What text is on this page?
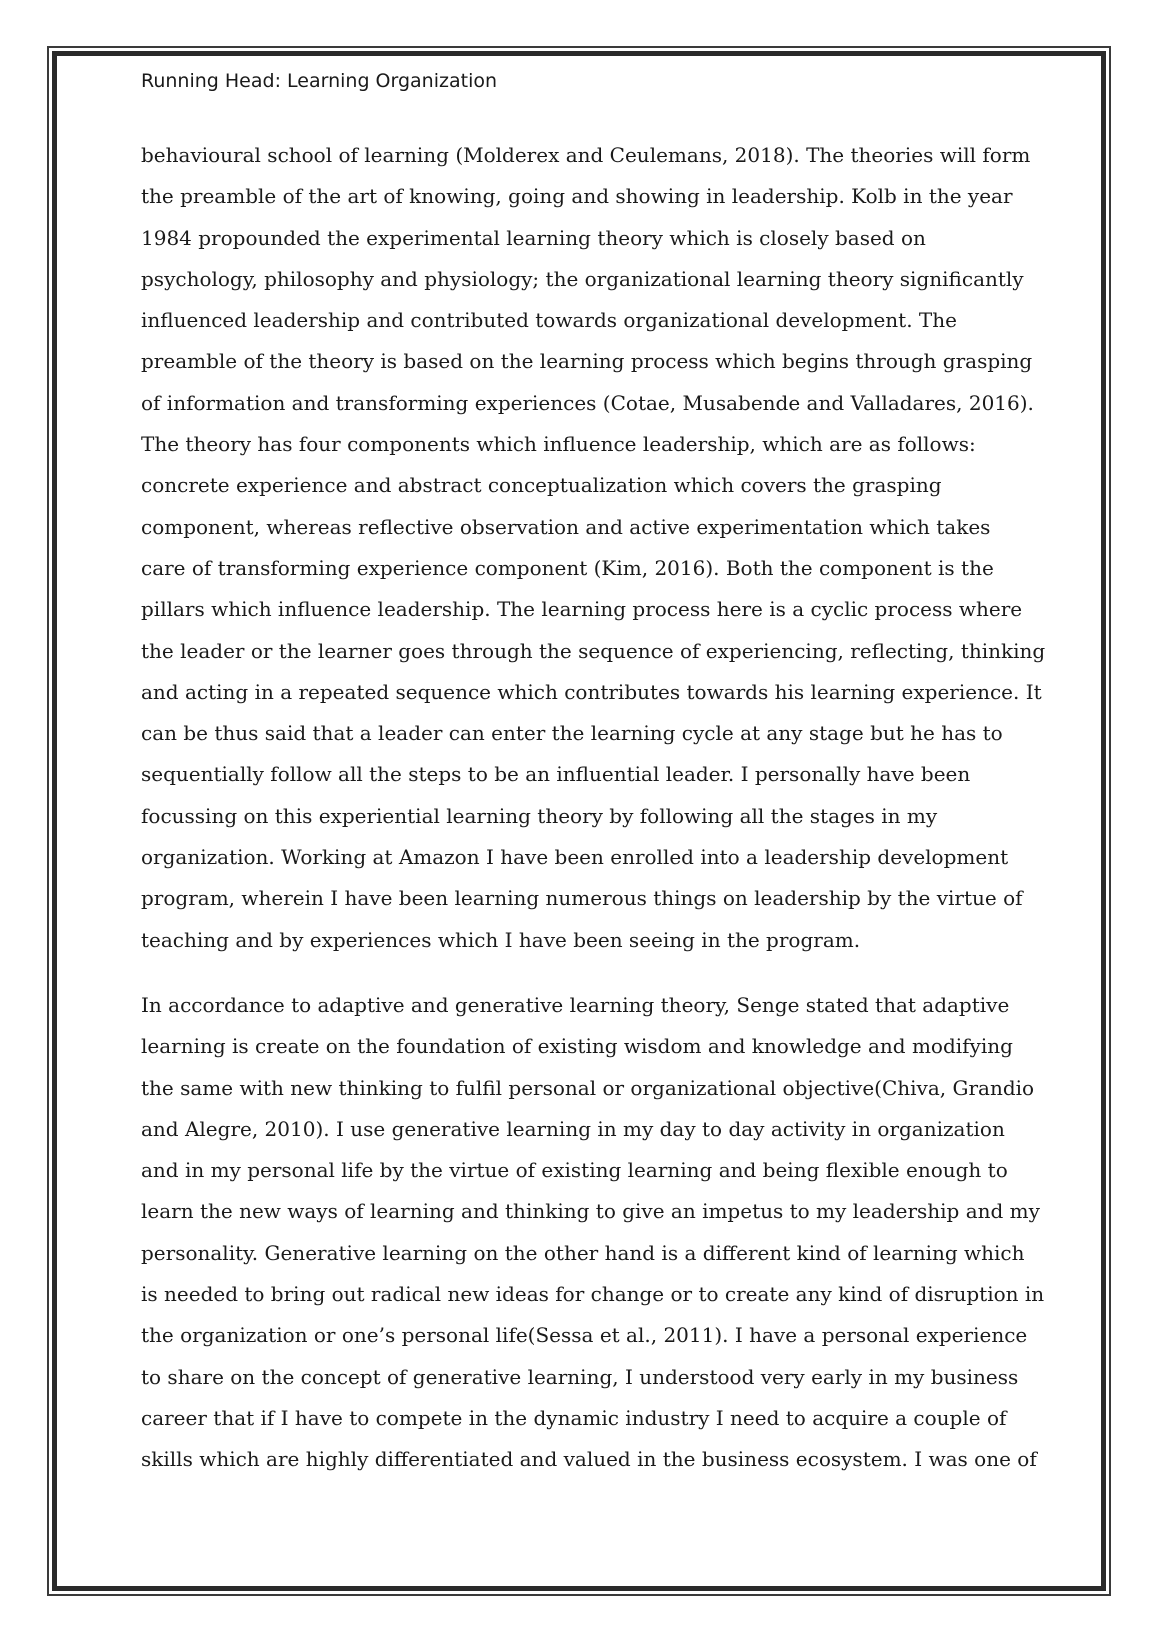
Running Head: Learning Organization
behavioural school of learning (Molderex and Ceulemans, 2018). The theories will form
the preamble of the art of knowing, going and showing in leadership. Kolb in the year
1984 propounded the experimental learning theory which is closely based on
psychology, philosophy and physiology; the organizational learning theory significantly
influenced leadership and contributed towards organizational development. The
preamble of the theory is based on the learning process which begins through grasping
of information and transforming experiences (Cotae, Musabende and Valladares, 2016).
The theory has four components which influence leadership, which are as follows:
concrete experience and abstract conceptualization which covers the grasping
component, whereas reflective observation and active experimentation which takes
care of transforming experience component (Kim, 2016). Both the component is the
pillars which influence leadership. The learning process here is a cyclic process where
the leader or the learner goes through the sequence of experiencing, reflecting, thinking
and acting in a repeated sequence which contributes towards his learning experience. It
can be thus said that a leader can enter the learning cycle at any stage but he has to
sequentially follow all the steps to be an influential leader. I personally have been
focussing on this experiential learning theory by following all the stages in my
organization. Working at Amazon I have been enrolled into a leadership development
program, wherein I have been learning numerous things on leadership by the virtue of
teaching and by experiences which I have been seeing in the program.
In accordance to adaptive and generative learning theory, Senge stated that adaptive
learning is create on the foundation of existing wisdom and knowledge and modifying
the same with new thinking to fulfil personal or organizational objective(Chiva, Grandio
and Alegre, 2010). I use generative learning in my day to day activity in organization
and in my personal life by the virtue of existing learning and being flexible enough to
learn the new ways of learning and thinking to give an impetus to my leadership and my
personality. Generative learning on the other hand is a different kind of learning which
is needed to bring out radical new ideas for change or to create any kind of disruption in
the organization or one’s personal life(Sessa et al., 2011). I have a personal experience
to share on the concept of generative learning, I understood very early in my business
career that if I have to compete in the dynamic industry I need to acquire a couple of
skills which are highly differentiated and valued in the business ecosystem. I was one of
